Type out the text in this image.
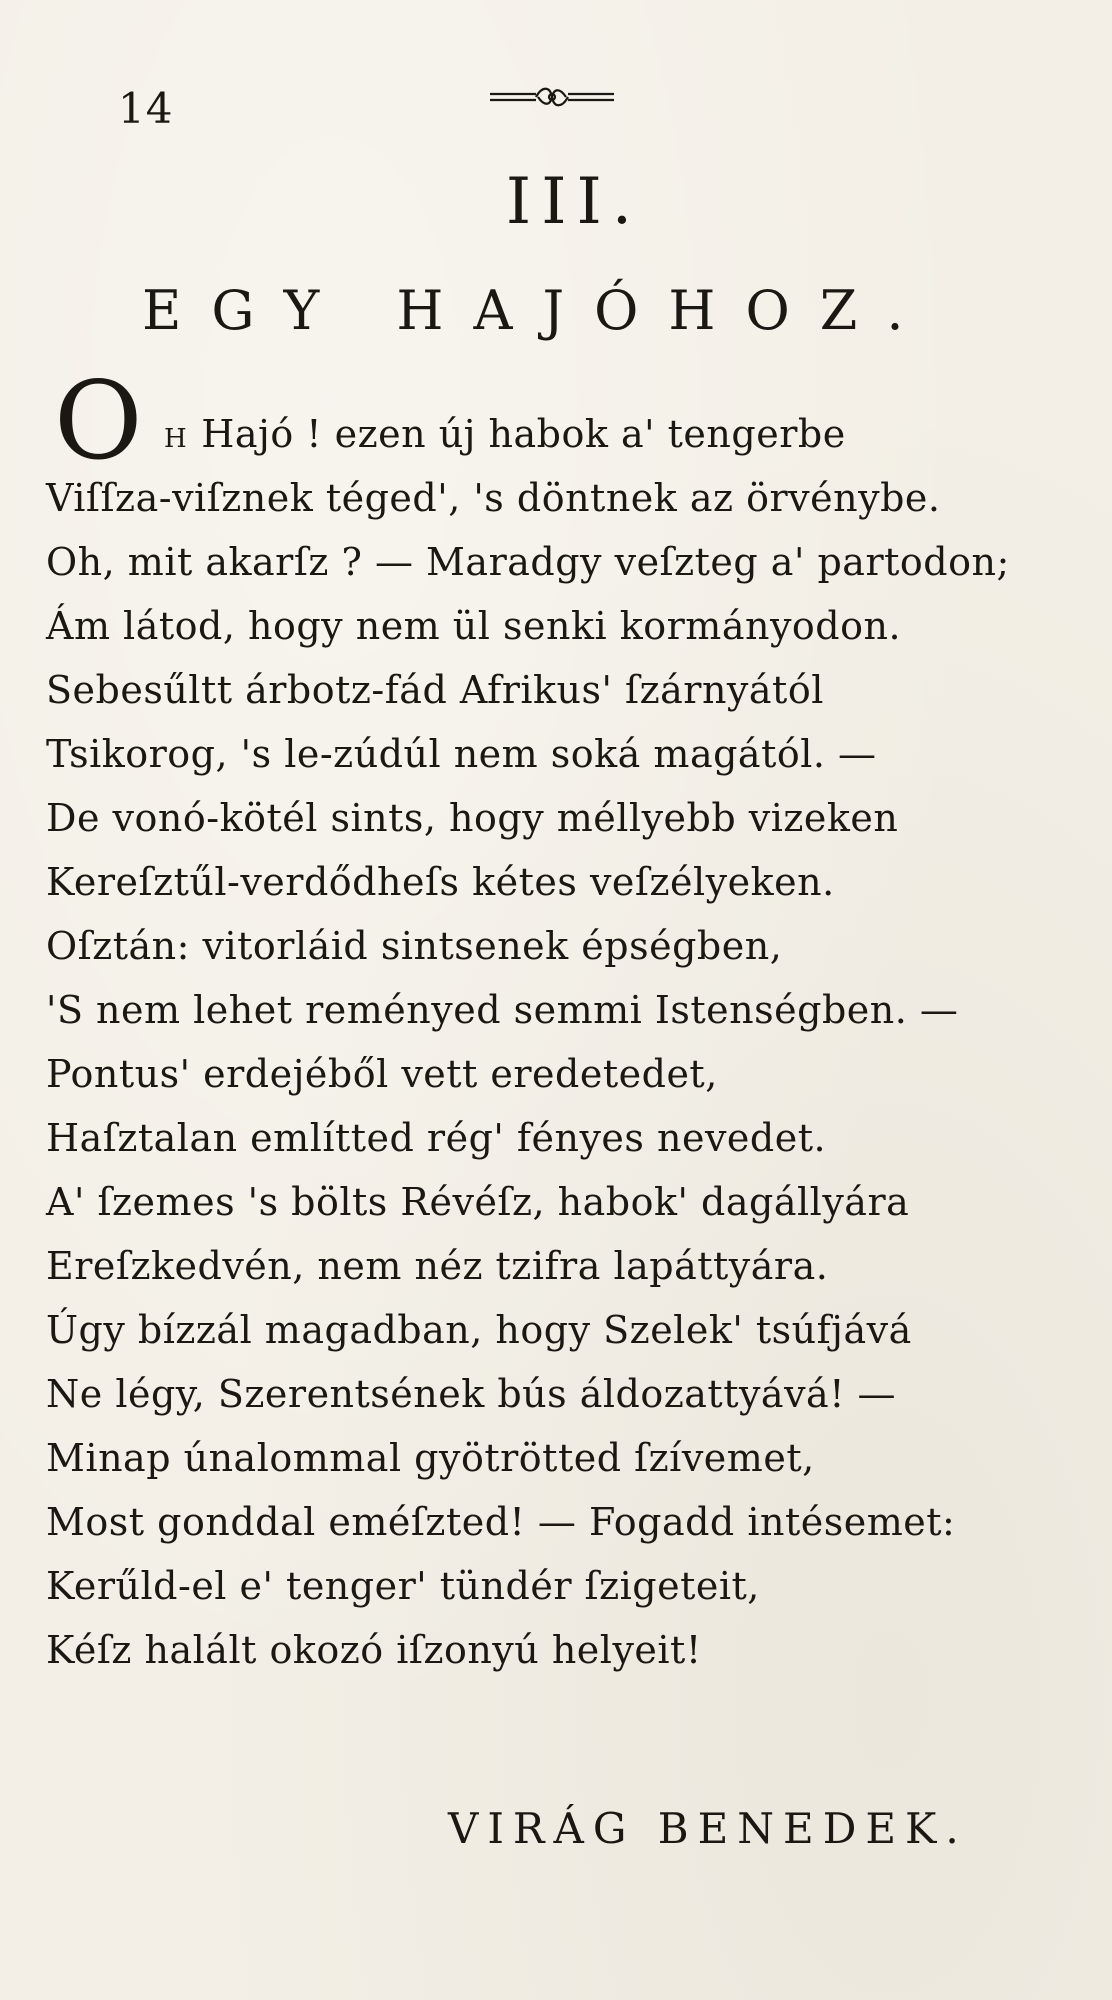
14
III.
EGY HAJÓHOZ.
O H Hajó ! ezen új habok a' tengerbe
Viſſza-viſznek téged', 's döntnek az örvénybe.
Oh, mit akarſz ? — Maradgy veſzteg a' partodon;
Ám látod, hogy nem ül senki kormányodon.
Sebesűltt árbotz-fád Afrikus' ſzárnyától
Tsikorog, 's le-zúdúl nem soká magától. —
De vonó-kötél sints, hogy méllyebb vizeken
Kereſztűl-verdődheſs kétes veſzélyeken.
Oſztán: vitorláid sintsenek épségben,
'S nem lehet reményed semmi Istenségben. —
Pontus' erdejéből vett eredetedet,
Haſztalan említted rég' fényes nevedet.
A' ſzemes 's bölts Révéſz, habok' dagállyára
Ereſzkedvén, nem néz tzifra lapáttyára.
Úgy bízzál magadban, hogy Szelek' tsúfjává
Ne légy, Szerentsének bús áldozattyává! —
Minap únalommal gyötrötted ſzívemet,
Most gonddal eméſzted! — Fogadd intésemet:
Kerűld-el e' tenger' tündér ſzigeteit,
Kéſz halált okozó iſzonyú helyeit!
VIRÁG BENEDEK.
